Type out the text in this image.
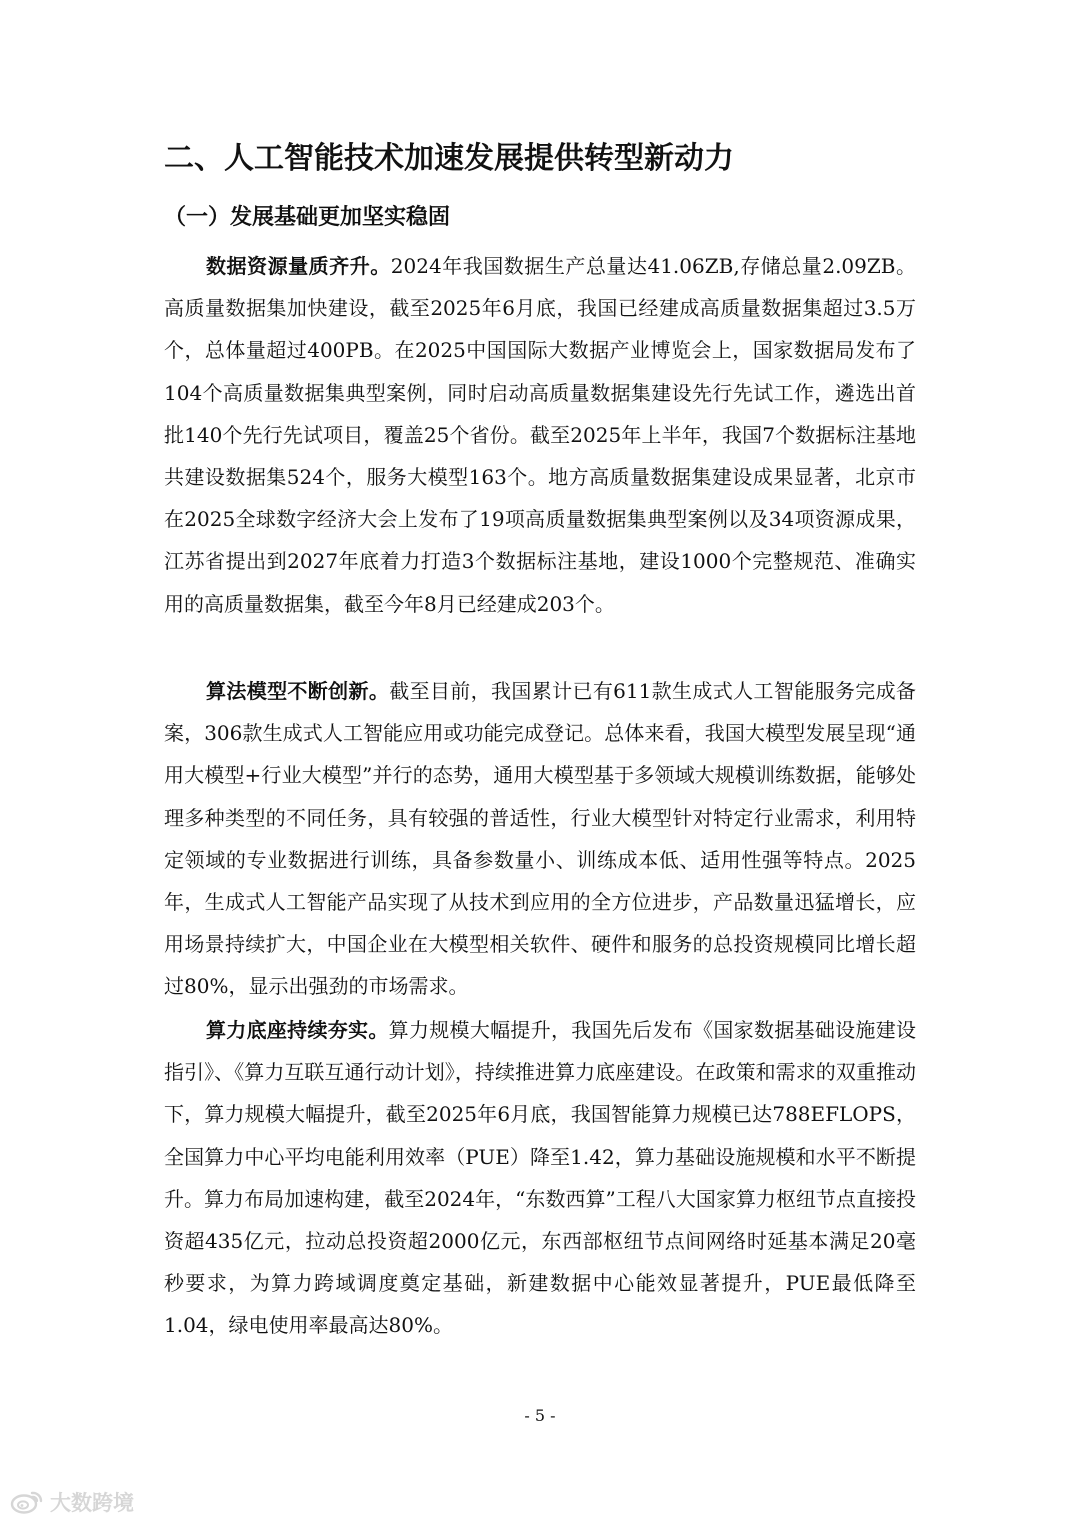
二、人工智能技术加速发展提供转型新动力
（一）发展基础更加坚实稳固

数据资源量质齐升。2024年我国数据生产总量达41.06ZB,存储总量2.09ZB。高质量数据集加快建设，截至2025年6月底，我国已经建成高质量数据集超过3.5万个，总体量超过400PB。在2025中国国际大数据产业博览会上，国家数据局发布了104个高质量数据集典型案例，同时启动高质量数据集建设先行先试工作，遴选出首批140个先行先试项目，覆盖25个省份。截至2025年上半年，我国7个数据标注基地共建设数据集524个，服务大模型163个。地方高质量数据集建设成果显著，北京市在2025全球数字经济大会上发布了19项高质量数据集典型案例以及34项资源成果，江苏省提出到2027年底着力打造3个数据标注基地，建设1000个完整规范、准确实用的高质量数据集，截至今年8月已经建成203个。

算法模型不断创新。截至目前，我国累计已有611款生成式人工智能服务完成备案，306款生成式人工智能应用或功能完成登记。总体来看，我国大模型发展呈现“通用大模型+行业大模型”并行的态势，通用大模型基于多领域大规模训练数据，能够处理多种类型的不同任务，具有较强的普适性，行业大模型针对特定行业需求，利用特定领域的专业数据进行训练，具备参数量小、训练成本低、适用性强等特点。2025年，生成式人工智能产品实现了从技术到应用的全方位进步，产品数量迅猛增长，应用场景持续扩大，中国企业在大模型相关软件、硬件和服务的总投资规模同比增长超过80%，显示出强劲的市场需求。

算力底座持续夯实。算力规模大幅提升，我国先后发布《国家数据基础设施建设指引》、《算力互联互通行动计划》，持续推进算力底座建设。在政策和需求的双重推动下，算力规模大幅提升，截至2025年6月底，我国智能算力规模已达788EFLOPS，全国算力中心平均电能利用效率（PUE）降至1.42，算力基础设施规模和水平不断提升。算力布局加速构建，截至2024年，“东数西算”工程八大国家算力枢纽节点直接投资超435亿元，拉动总投资超2000亿元，东西部枢纽节点间网络时延基本满足20毫秒要求，为算力跨域调度奠定基础，新建数据中心能效显著提升，PUE最低降至1.04，绿电使用率最高达80%。

- 5 -
大数跨境
